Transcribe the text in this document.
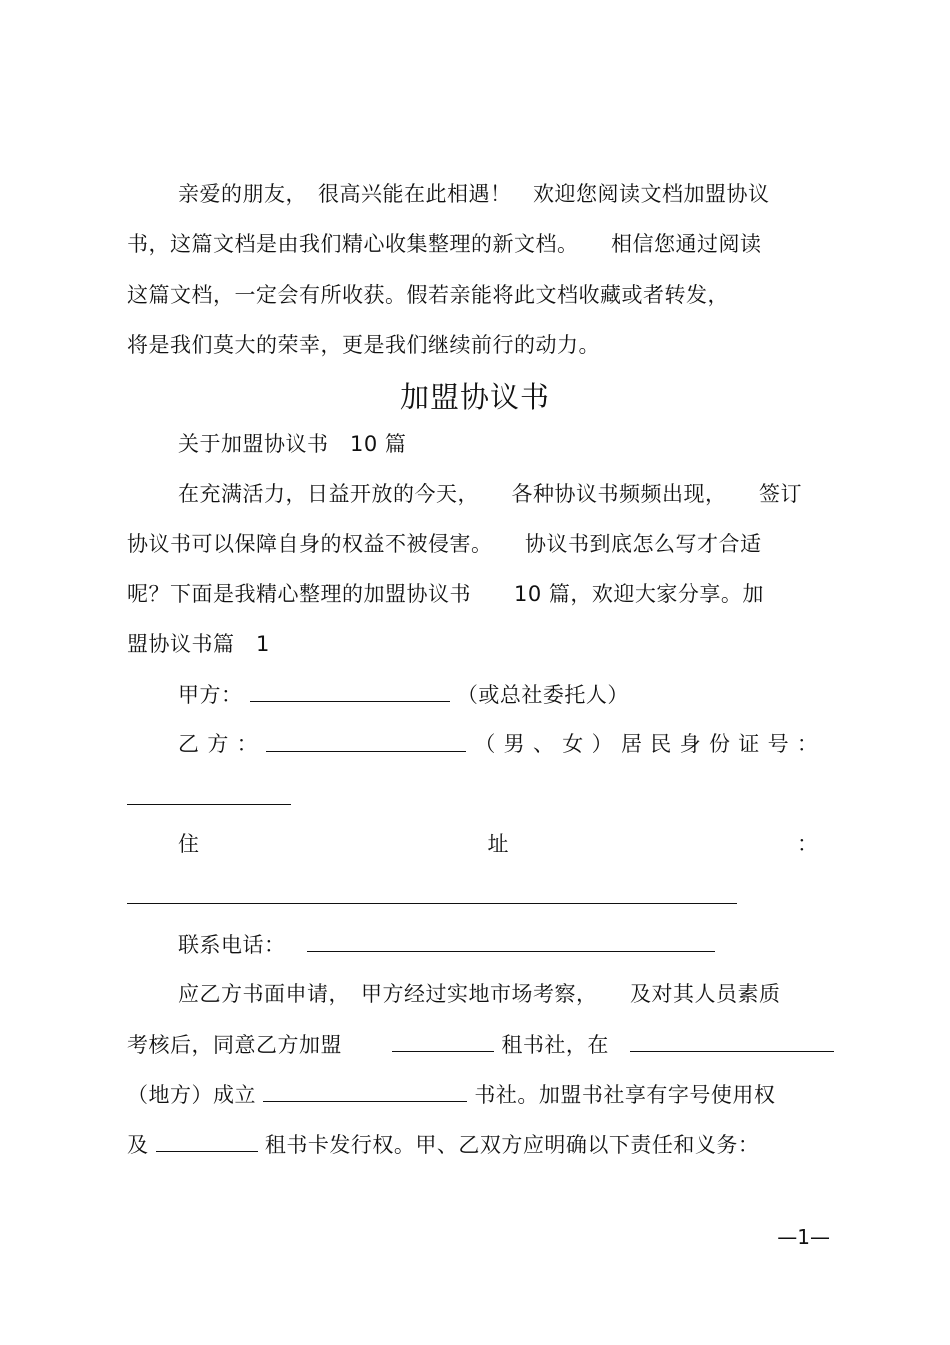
亲爱的朋友，　很高兴能在此相遇！　欢迎您阅读文档加盟协议
书，这篇文档是由我们精心收集整理的新文档。　　相信您通过阅读
这篇文档，一定会有所收获。假若亲能将此文档收藏或者转发，
将是我们莫大的荣幸，更是我们继续前行的动力。
加盟协议书
关于加盟协议书　10 篇
在充满活力，日益开放的今天，　　各种协议书频频出现，　　签订
协议书可以保障自身的权益不被侵害。　　协议书到底怎么写才合适
呢？下面是我精心整理的加盟协议书　　10 篇，欢迎大家分享。加
盟协议书篇　1
甲方：	（或总社委托人）
乙 方 ：	（ 男 、 女 ） 居 民 身 份 证 号 ：
住	址	：
联系电话：
应乙方书面申请，　甲方经过实地市场考察，　　及对其人员素质
考核后，同意乙方加盟　　	租书社，在
（地方）成立	书社。加盟书社享有字号使用权
及	租书卡发行权。甲、乙双方应明确以下责任和义务：
—1—
